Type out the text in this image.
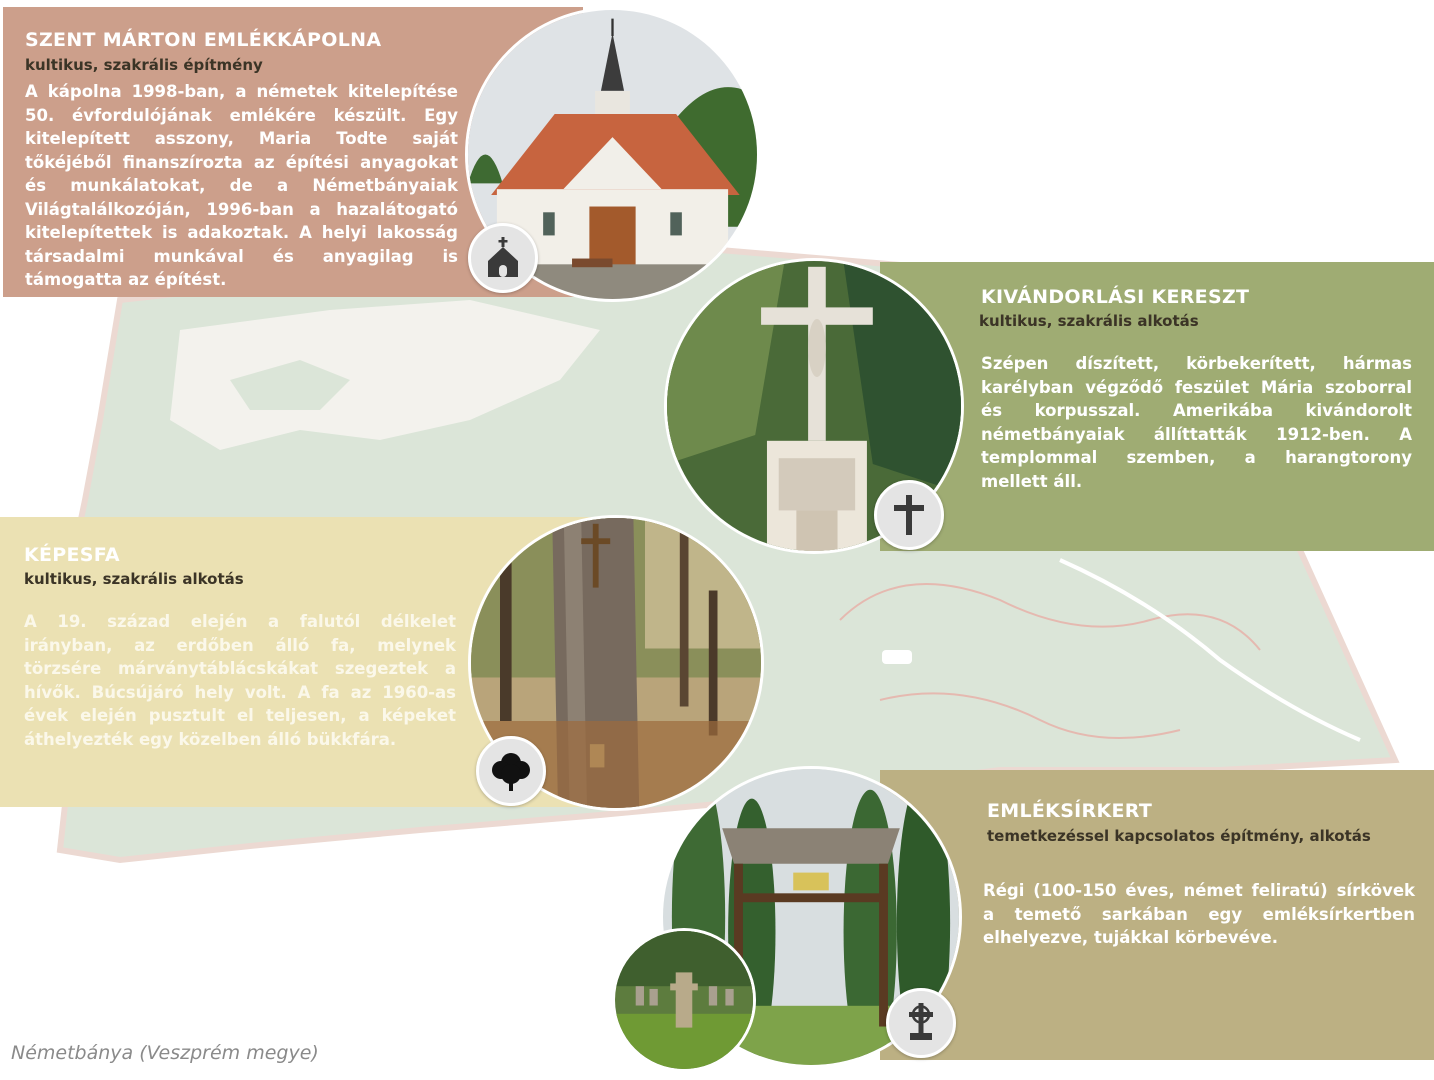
SZENT MÁRTON EMLÉKKÁPOLNA
kultikus, szakrális építmény
A kápolna 1998-ban, a németek kitelepítése 50. évfordulójának emlékére készült. Egy kitelepített asszony, Maria Todte saját tőkéjéből finanszírozta az építési anyagokat és munkálatokat, de a Németbányaiak Világtalálkozóján, 1996-ban a hazalátogató kitelepítettek is adakoztak. A helyi lakosság társadalmi munkával és anyagilag is támogatta az építést.
KIVÁNDORLÁSI KERESZT
kultikus, szakrális alkotás
Szépen díszített, körbekerített, hármas karélyban végződő feszület Mária szoborral és korpusszal. Amerikába kivándorolt németbányaiak állíttatták 1912-ben. A templommal szemben, a harangtorony mellett áll.
KÉPESFA
kultikus, szakrális alkotás
A 19. század elején a falutól délkelet irányban, az erdőben álló fa, melynek törzsére márványtáblácskákat szegeztek a hívők. Búcsújáró hely volt. A fa az 1960-as évek elején pusztult el teljesen, a képeket áthelyezték egy közelben álló bükkfára.
EMLÉKSÍRKERT
temetkezéssel kapcsolatos építmény, alkotás
Régi (100-150 éves, német feliratú) sírkövek a temető sarkában egy emléksírkertben elhelyezve, tujákkal körbevéve.
Németbánya (Veszprém megye)
